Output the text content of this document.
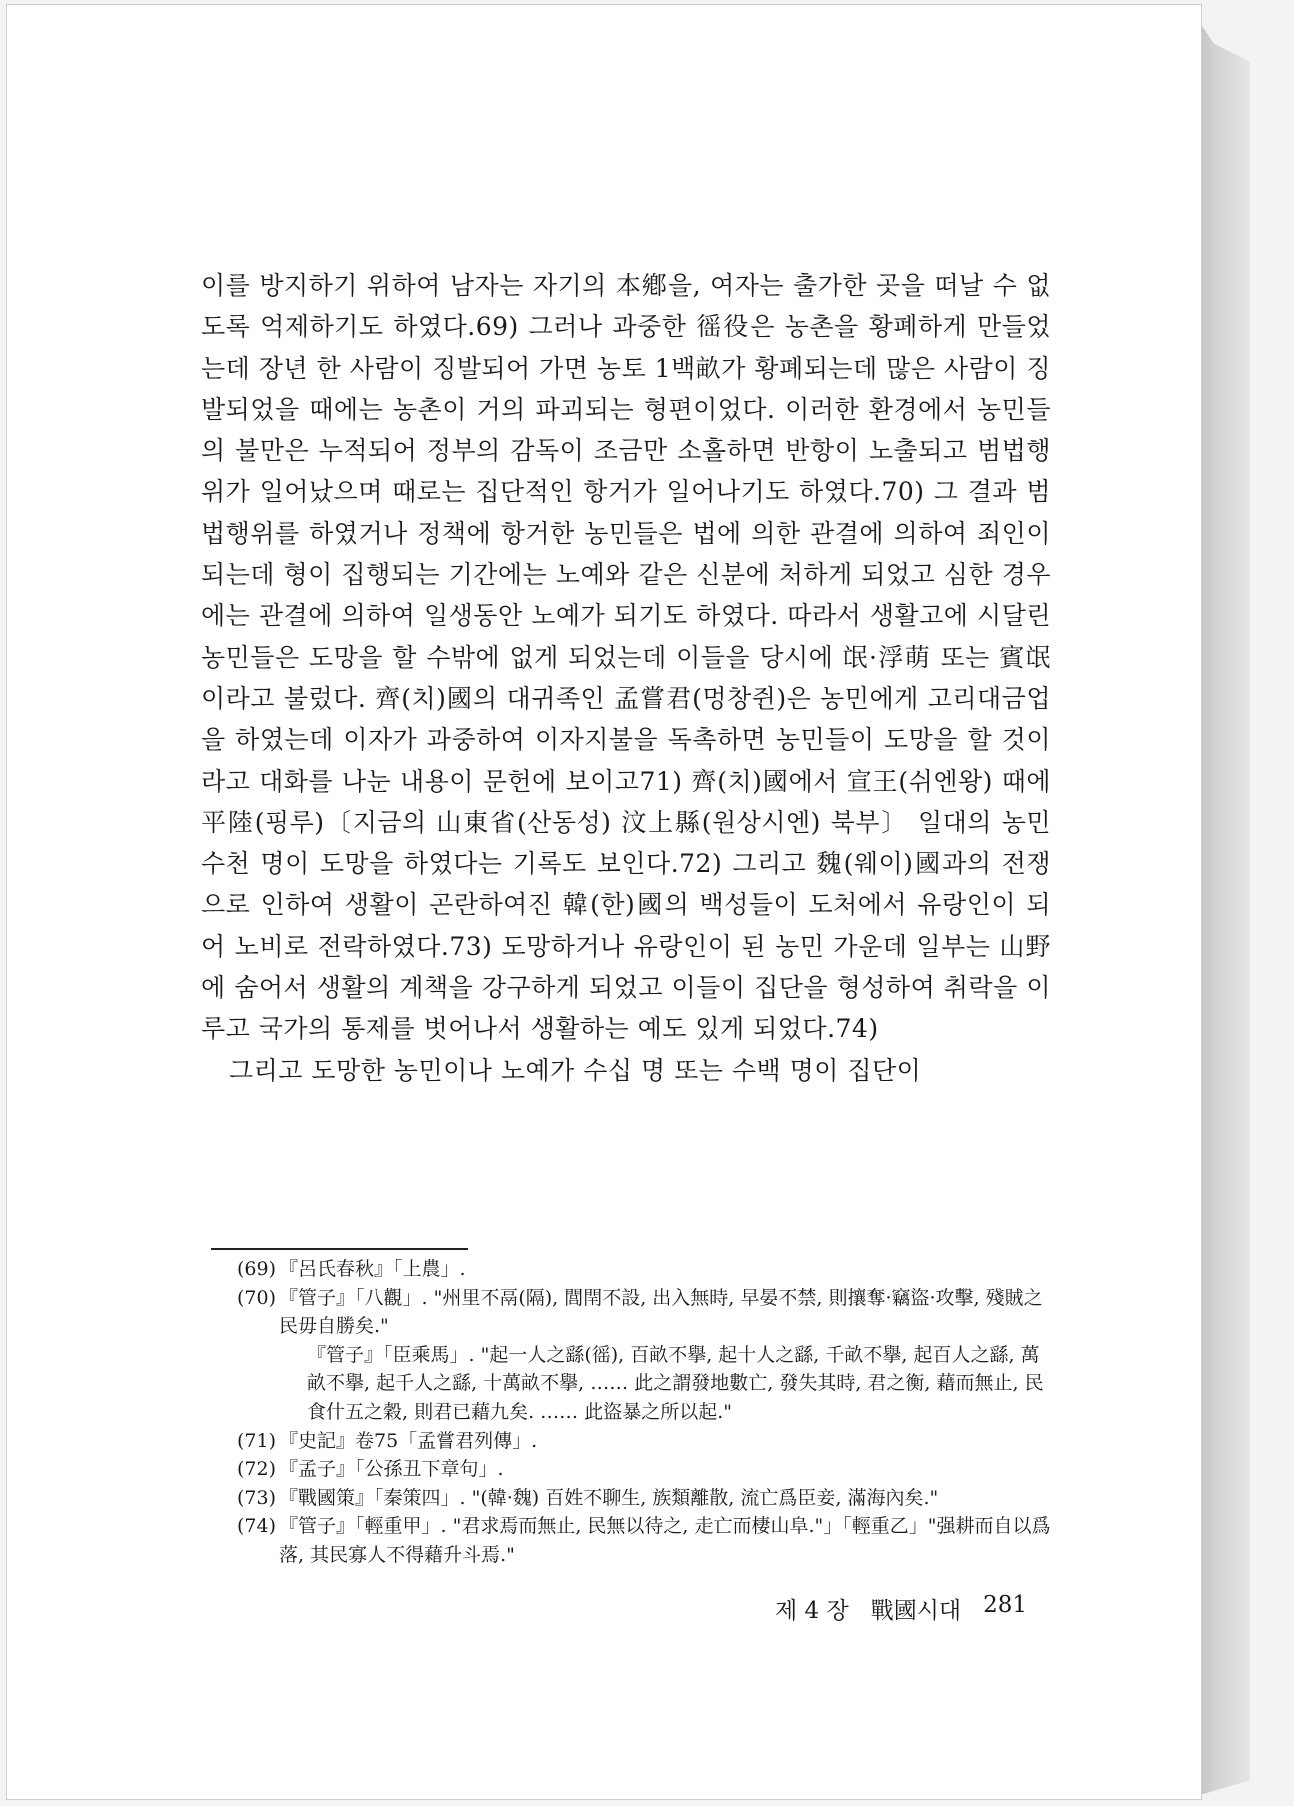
이를 방지하기 위하여 남자는 자기의 本鄕을, 여자는 출가한 곳을 떠날 수 없도록 억제하기도 하였다.69) 그러나 과중한 徭役은 농촌을 황폐하게 만들었는데 장년 한 사람이 징발되어 가면 농토 1백畝가 황폐되는데 많은 사람이 징발되었을 때에는 농촌이 거의 파괴되는 형편이었다. 이러한 환경에서 농민들의 불만은 누적되어 정부의 감독이 조금만 소홀하면 반항이 노출되고 범법행위가 일어났으며 때로는 집단적인 항거가 일어나기도 하였다.70) 그 결과 범법행위를 하였거나 정책에 항거한 농민들은 법에 의한 관결에 의하여 죄인이 되는데 형이 집행되는 기간에는 노예와 같은 신분에 처하게 되었고 심한 경우에는 관결에 의하여 일생동안 노예가 되기도 하였다. 따라서 생활고에 시달린 농민들은 도망을 할 수밖에 없게 되었는데 이들을 당시에 氓·浮萌 또는 賓氓이라고 불렀다. 齊(치)國의 대귀족인 孟嘗君(멍창쥔)은 농민에게 고리대금업을 하였는데 이자가 과중하여 이자지불을 독촉하면 농민들이 도망을 할 것이라고 대화를 나눈 내용이 문헌에 보이고71) 齊(치)國에서 宣王(쉬엔왕) 때에 平陸(핑루)〔지금의 山東省(산동성) 汶上縣(원상시엔) 북부〕 일대의 농민 수천 명이 도망을 하였다는 기록도 보인다.72) 그리고 魏(웨이)國과의 전쟁으로 인하여 생활이 곤란하여진 韓(한)國의 백성들이 도처에서 유랑인이 되어 노비로 전락하였다.73) 도망하거나 유랑인이 된 농민 가운데 일부는 山野에 숨어서 생활의 계책을 강구하게 되었고 이들이 집단을 형성하여 취락을 이루고 국가의 통제를 벗어나서 생활하는 예도 있게 되었다.74)

그리고 도망한 농민이나 노예가 수십 명 또는 수백 명이 집단이

(69) 『呂氏春秋』「上農」.
(70) 『管子』「八觀」. "州里不鬲(隔), 閭閈不設, 出入無時, 早晏不禁, 則攘奪·竊盜·攻擊, 殘賊之民毋自勝矣."
『管子』「臣乘馬」. "起一人之繇(徭), 百畝不擧, 起十人之繇, 千畝不擧, 起百人之繇, 萬畝不擧, 起千人之繇, 十萬畝不擧, …… 此之謂發地數亡, 發失其時, 君之衡, 藉而無止, 民食什五之穀, 則君已藉九矣. …… 此盜暴之所以起."
(71) 『史記』卷75「孟嘗君列傳」.
(72) 『孟子』「公孫丑下章句」.
(73) 『戰國策』「秦策四」. "(韓·魏) 百姓不聊生, 族類離散, 流亡爲臣妾, 滿海內矣."
(74) 『管子』「輕重甲」. "君求焉而無止, 民無以待之, 走亡而棲山阜."」「輕重乙」"强耕而自以爲落, 其民寡人不得藉升斗焉."
제 4 장 戰國시대 281
